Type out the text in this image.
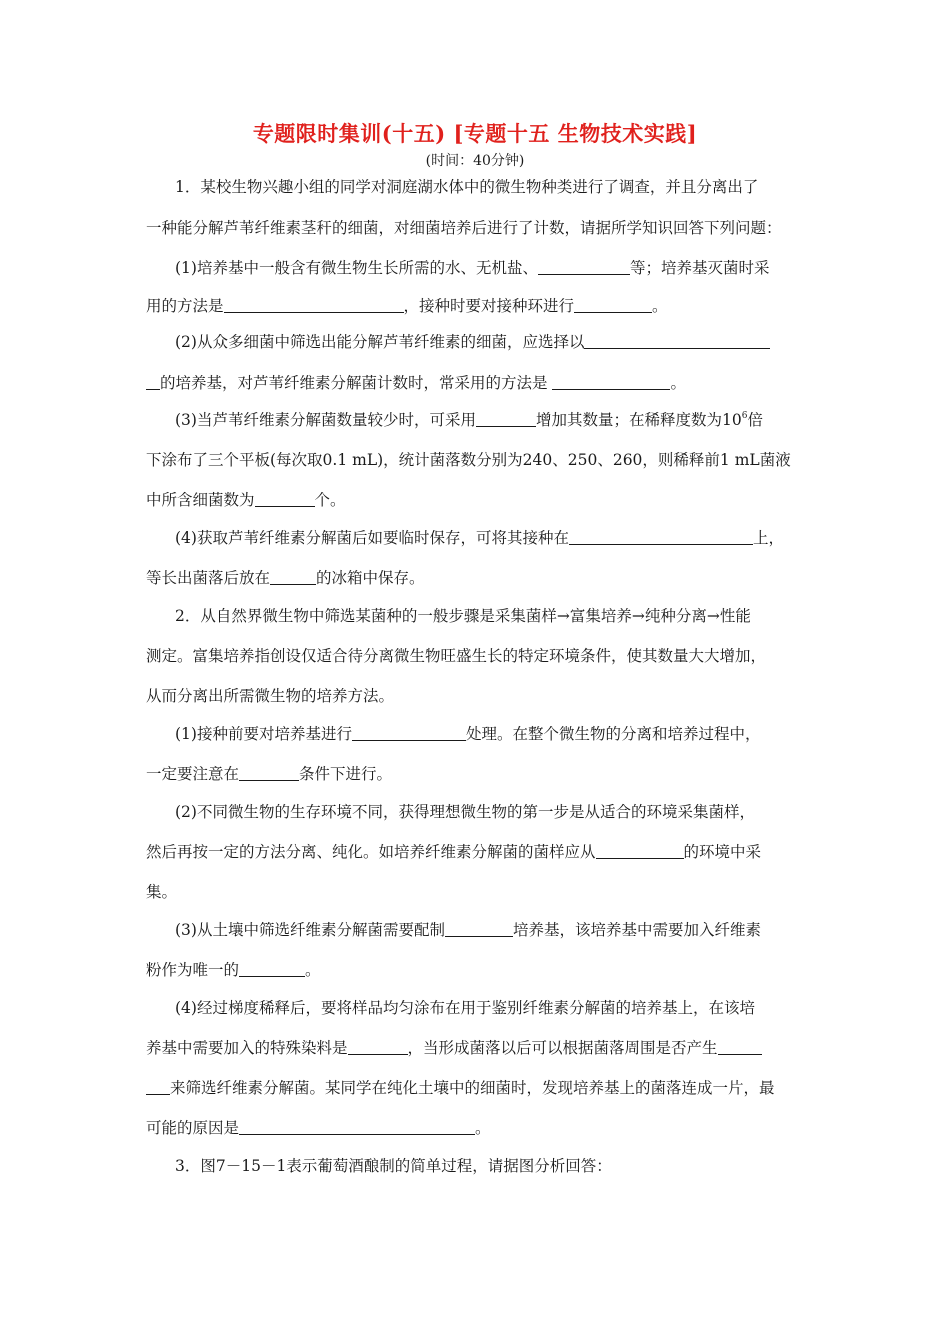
专题限时集训(十五) [专题十五 生物技术实践]
(时间：40分钟)
1．某校生物兴趣小组的同学对洞庭湖水体中的微生物种类进行了调查，并且分离出了
一种能分解芦苇纤维素茎秆的细菌，对细菌培养后进行了计数，请据所学知识回答下列问题：
(1)培养基中一般含有微生物生长所需的水、无机盐、	等；培养基灭菌时采
用的方法是	，接种时要对接种环进行	。
(2)从众多细菌中筛选出能分解芦苇纤维素的细菌，应选择以
的培养基，对芦苇纤维素分解菌计数时，常采用的方法是	。
(3)当芦苇纤维素分解菌数量较少时，可采用	增加其数量；在稀释度数为$10^6$倍
下涂布了三个平板(每次取0.1 mL)，统计菌落数分别为240、250、260，则稀释前1 mL菌液
中所含细菌数为	个。
(4)获取芦苇纤维素分解菌后如要临时保存，可将其接种在	上，
等长出菌落后放在	的冰箱中保存。
2．从自然界微生物中筛选某菌种的一般步骤是采集菌样→富集培养→纯种分离→性能
测定。富集培养指创设仅适合待分离微生物旺盛生长的特定环境条件，使其数量大大增加，
从而分离出所需微生物的培养方法。
(1)接种前要对培养基进行	处理。在整个微生物的分离和培养过程中，
一定要注意在	条件下进行。
(2)不同微生物的生存环境不同，获得理想微生物的第一步是从适合的环境采集菌样，
然后再按一定的方法分离、纯化。如培养纤维素分解菌的菌样应从	的环境中采
集。
(3)从土壤中筛选纤维素分解菌需要配制	培养基，该培养基中需要加入纤维素
粉作为唯一的	。
(4)经过梯度稀释后，要将样品均匀涂布在用于鉴别纤维素分解菌的培养基上，在该培
养基中需要加入的特殊染料是	，当形成菌落以后可以根据菌落周围是否产生
来筛选纤维素分解菌。某同学在纯化土壤中的细菌时，发现培养基上的菌落连成一片，最
可能的原因是	。
3．图7－15－1表示葡萄酒酿制的简单过程，请据图分析回答：
